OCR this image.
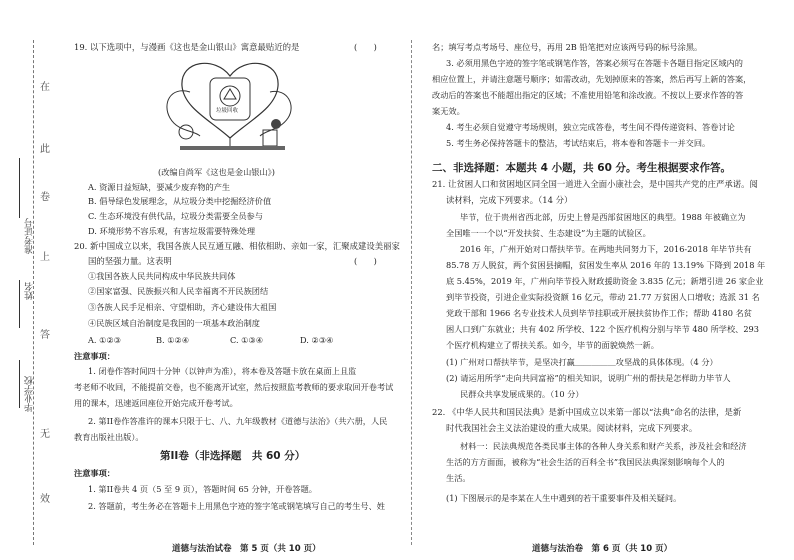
在
此
卷
上
答
无
效
准考证号
姓名
毕业学校
19. 以下选项中，与漫画《这也是金山银山》寓意最贴近的是	(　　)
垃圾回收
(改编自尚军《这也是金山银山》)
A. 资源日益短缺，要减少废弃物的产生
B. 倡导绿色发展理念，从垃圾分类中挖掘经济价值
C. 生态环境没有供代品，垃圾分类需要全员参与
D. 环境形势不容乐观，有害垃圾需要特殊处理
20. 新中国成立以来，我国各族人民互通互融、相依相助、亲如一家，汇聚成建设美丽家
国的坚强力量。这表明	(　　)
①我国各族人民共同构成中华民族共同体
②国家富强、民族振兴和人民幸福离不开民族团结
③各族人民手足相亲、守望相助，齐心建设伟大祖国
④民族区域自治制度是我国的一项基本政治制度
A. ①②③	B. ①②④	C. ①③④	D. ②③④
注意事项：
1. 闭卷作答时间四十分钟（以钟声为准），将本卷及答题卡放在桌面上且监
考老师不收回，不能提前交卷，也不能离开试室，然后按照监考教师的要求取回开卷考试
用的课本，迅速返回座位开始完成开卷考试。
2. 第II卷作答准许的课本只限于七、八、九年级教材《道德与法治》（共六册，人民
教育出版社出版）。
第II卷（非选择题　共 60 分）
注意事项：
1. 第II卷共 4 页（5 至 9 页），答题时间 65 分钟，开卷答题。
2. 答题前，考生务必在答题卡上用黑色字迹的签字笔或钢笔填写自己的考生号、姓
道德与法治试卷　第 5 页（共 10 页）
名；填写考点考场号、座位号，再用 2B 铅笔把对应该两号码的标号涂黑。
3. 必须用黑色字迹的签字笔或钢笔作答，答案必须写在答题卡各题目指定区域内的
相应位置上，并请注意题号顺序；如需改动，先划掉原来的答案，然后再写上新的答案，
改动后的答案也不能超出指定的区域；不准使用铅笔和涂改液。不按以上要求作答的答
案无效。
4. 考生必须自觉遵守考场规则，独立完成答卷，考生间不得传递资料、答卷讨论
5. 考生务必保持答题卡的整洁，考试结束后，将本卷和答题卡一并交回。
二、非选择题：本题共 4 小题，共 60 分。考生根据要求作答。
21. 让贫困人口和贫困地区同全国一道进入全面小康社会，是中国共产党的庄严承诺。阅
读材料，完成下列要求。（14 分）
毕节，位于贵州省西北部，历史上曾是西部贫困地区的典型。1988 年被确立为
全国唯一一个以“开发扶贫、生态建设”为主题的试验区。
2016 年，广州开始对口帮扶毕节。在两地共同努力下，2016-2018 年毕节共有
85.78 万人脱贫，两个贫困县摘帽，贫困发生率从 2016 年的 13.19% 下降到 2018 年
底 5.45%，2019 年，广州向毕节投入财政援助资金 3.835 亿元；新增引进 26 家企业
到毕节投资，引进企业实际投资额 16 亿元，带动 21.77 万贫困人口增收；选派 31 名
党政干部和 1966 名专业技术人员到毕节挂职或开展扶贫协作工作；帮助 4180 名贫
困人口到广东就业；共有 402 所学校、122 个医疗机构分别与毕节 480 所学校、293
个医疗机构建立了帮扶关系。如今，毕节的面貌焕然一新。
(1) 广州对口帮扶毕节，是坚决打赢＿＿＿＿＿攻坚战的具体体现。（4 分）
(2) 请运用所学“走向共同富裕”的相关知识，说明广州的帮扶是怎样助力毕节人
民群众共享发展成果的。（10 分）
22. 《中华人民共和国民法典》是新中国成立以来第一部以“法典”命名的法律，是新
时代我国社会主义法治建设的重大成果。阅读材料，完成下列要求。
材料一：民法典规范各类民事主体的各种人身关系和财产关系，涉及社会和经济
生活的方方面面，被称为“社会生活的百科全书”我国民法典深刻影响每个人的
生活。
(1) 下图展示的是李某在人生中遇到的若干重要事件及相关疑问。
道德与法治卷　第 6 页（共 10 页）
